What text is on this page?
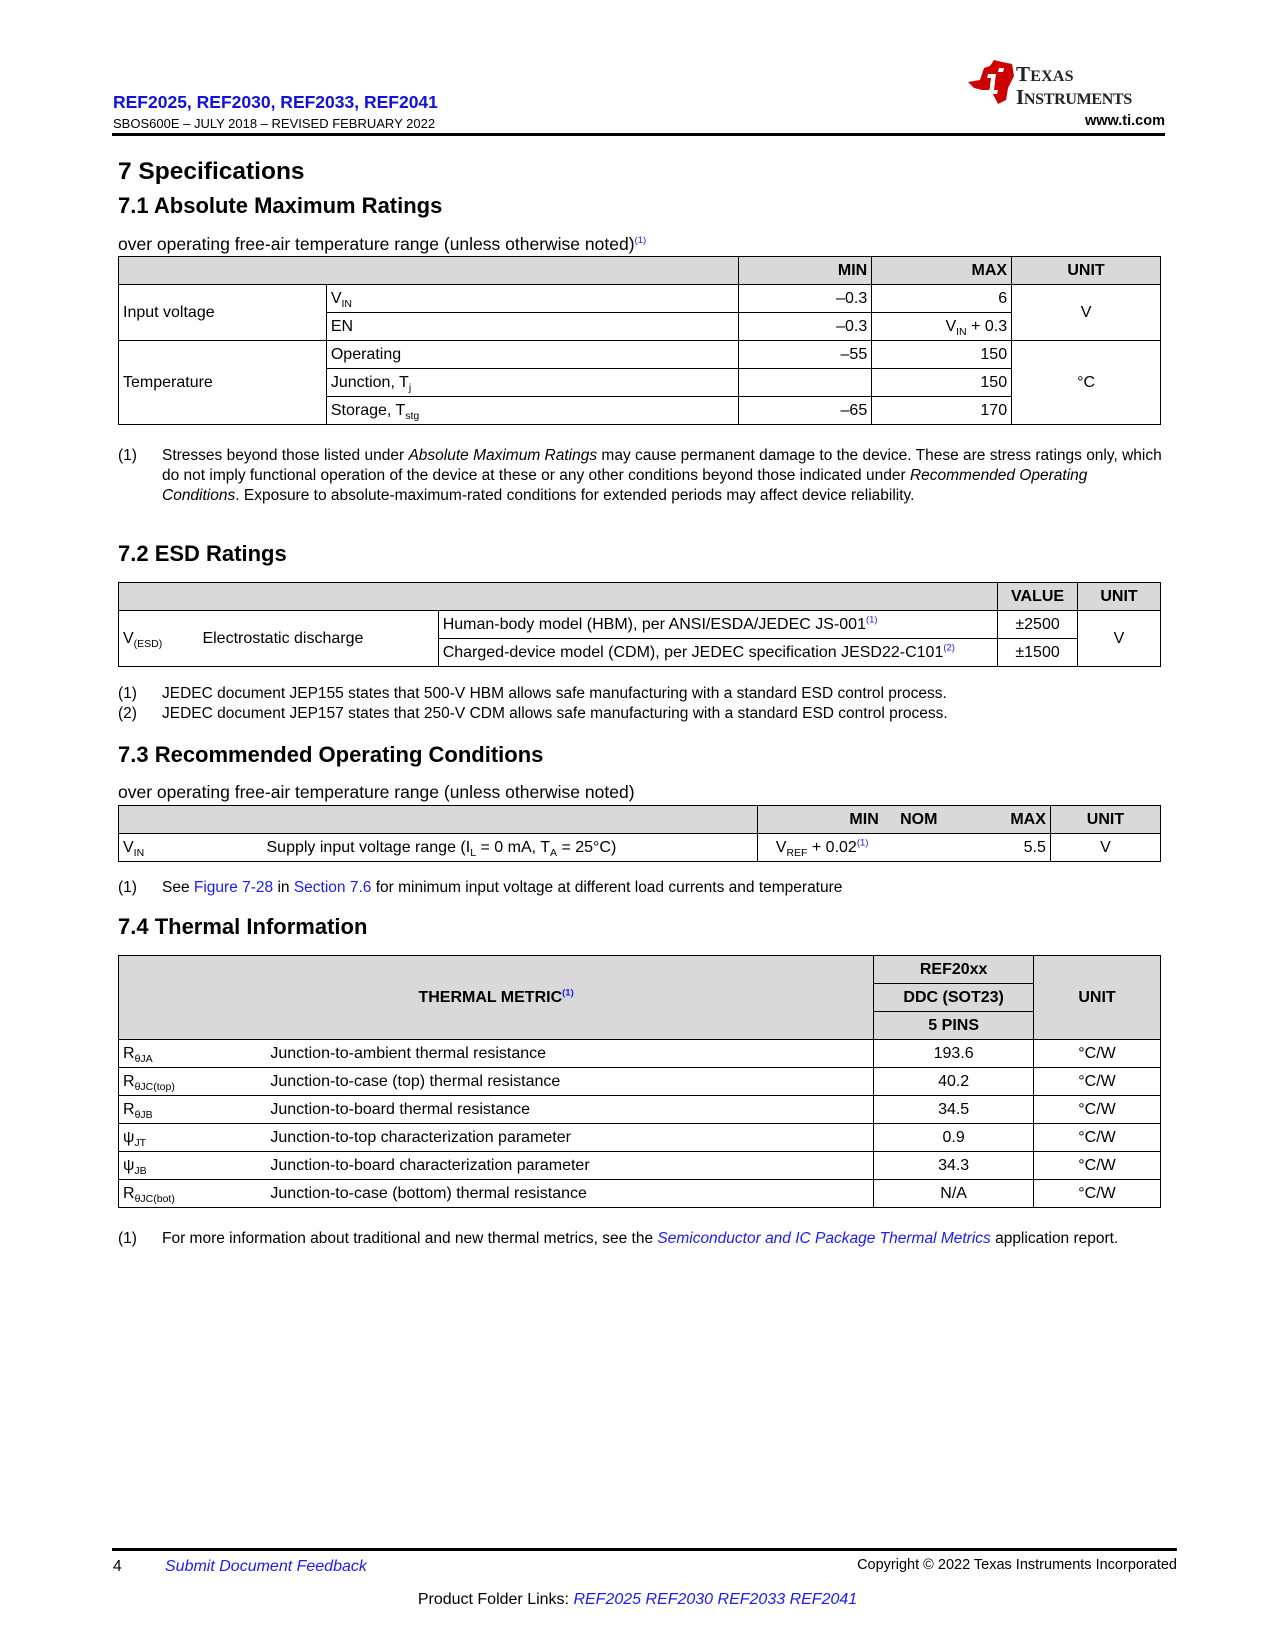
REF2025, REF2030, REF2033, REF2041
SBOS600E – JULY 2018 – REVISED FEBRUARY 2022
TEXAS
INSTRUMENTS
www.ti.com
7 Specifications
7.1 Absolute Maximum Ratings
over operating free-air temperature range (unless otherwise noted)$^{(1)}$
		MIN	MAX	UNIT
Input voltage	$V_{IN}$	–0.3	6	V
	EN	–0.3	$V_{IN} + 0.3$	
Temperature	Operating	–55	150	°C
	Junction, $T_j$		150	
	Storage, $T_{stg}$	–65	170	
(1)	Stresses beyond those listed under Absolute Maximum Ratings may cause permanent damage to the device. These are stress ratings only, which do not imply functional operation of the device at these or any other conditions beyond those indicated under Recommended Operating Conditions. Exposure to absolute-maximum-rated conditions for extended periods may affect device reliability.
7.2 ESD Ratings
			VALUE	UNIT
$V_{(ESD)}$	Electrostatic discharge	Human-body model (HBM), per ANSI/ESDA/JEDEC $JS-001^{(1)}$	±2500	V
		Charged-device model (CDM), per JEDEC specification $JESD22-C101^{(2)}$	±1500	
(1)	JEDEC document JEP155 states that 500-V HBM allows safe manufacturing with a standard ESD control process.
(2)	JEDEC document JEP157 states that 250-V CDM allows safe manufacturing with a standard ESD control process.
7.3 Recommended Operating Conditions
over operating free-air temperature range (unless otherwise noted)
		MIN	NOM	MAX	UNIT
$V_{IN}$	Supply input voltage range ($I_L = 0$ mA, $T_A = 25^\circ C$)	$V_{REF} + 0.02^{(1)}$		5.5	V
(1)	See Figure 7-28 in Section 7.6 for minimum input voltage at different load currents and temperature
7.4 Thermal Information
THERMAL METRIC$^{(1)}$		REF20xx	UNIT
		DDC (SOT23)	
		5 PINS	
$R_{\theta JA}$	Junction-to-ambient thermal resistance	193.6	°C/W
$R_{\theta JC(top)}$	Junction-to-case (top) thermal resistance	40.2	°C/W
$R_{\theta JB}$	Junction-to-board thermal resistance	34.5	°C/W
$\psi_{JT}$	Junction-to-top characterization parameter	0.9	°C/W
$\psi_{JB}$	Junction-to-board characterization parameter	34.3	°C/W
$R_{\theta JC(bot)}$	Junction-to-case (bottom) thermal resistance	N/A	°C/W
(1)	For more information about traditional and new thermal metrics, see the Semiconductor and IC Package Thermal Metrics application report.
4	Submit Document Feedback	Copyright © 2022 Texas Instruments Incorporated
Product Folder Links: REF2025 REF2030 REF2033 REF2041
